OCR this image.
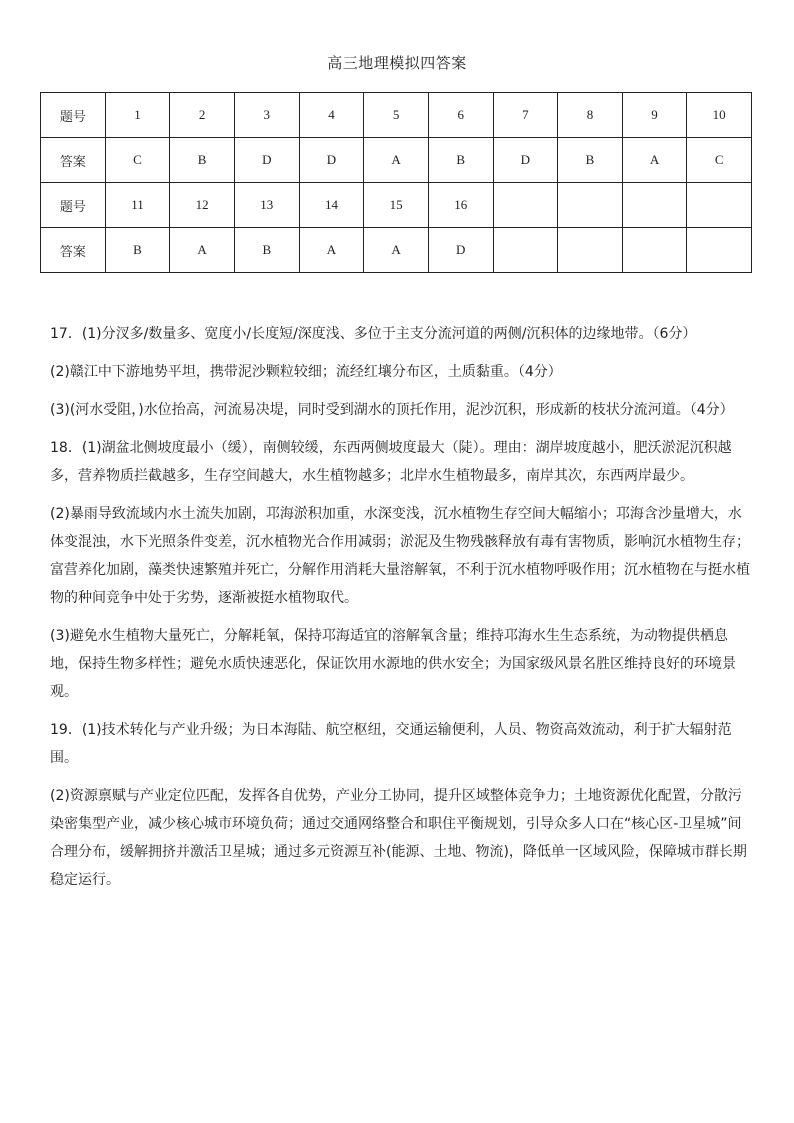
高三地理模拟四答案
题号	1	2	3	4	5	6	7	8	9	10
答案	C	B	D	D	A	B	D	B	A	C
题号	11	12	13	14	15	16				
答案	B	A	B	A	A	D				

17．(1)分汊多/数量多、宽度小/长度短/深度浅、多位于主支分流河道的两侧/沉积体的边缘地带。（6分）

(2)赣江中下游地势平坦，携带泥沙颗粒较细；流经红壤分布区，土质黏重。（4分）

(3)(河水受阻，)水位抬高，河流易决堤，同时受到湖水的顶托作用，泥沙沉积，形成新的枝状分流河道。（4分）

18．(1)湖盆北侧坡度最小（缓），南侧较缓，东西两侧坡度最大（陡）。理由：湖岸坡度越小，肥沃淤泥沉积越多，营养物质拦截越多，生存空间越大，水生植物越多；北岸水生植物最多，南岸其次，东西两岸最少。

(2)暴雨导致流域内水土流失加剧，邛海淤积加重，水深变浅，沉水植物生存空间大幅缩小；邛海含沙量增大，水体变混浊，水下光照条件变差，沉水植物光合作用减弱；淤泥及生物残骸释放有毒有害物质，影响沉水植物生存；富营养化加剧，藻类快速繁殖并死亡，分解作用消耗大量溶解氧，不利于沉水植物呼吸作用；沉水植物在与挺水植物的种间竞争中处于劣势，逐渐被挺水植物取代。

(3)避免水生植物大量死亡，分解耗氧，保持邛海适宜的溶解氧含量；维持邛海水生生态系统，为动物提供栖息地，保持生物多样性；避免水质快速恶化，保证饮用水源地的供水安全；为国家级风景名胜区维持良好的环境景观。

19．(1)技术转化与产业升级；为日本海陆、航空枢纽，交通运输便利，人员、物资高效流动，利于扩大辐射范围。

(2)资源禀赋与产业定位匹配，发挥各自优势，产业分工协同，提升区域整体竞争力；土地资源优化配置，分散污染密集型产业，减少核心城市环境负荷；通过交通网络整合和职住平衡规划，引导众多人口在“核心区-卫星城”间合理分布，缓解拥挤并激活卫星城；通过多元资源互补(能源、土地、物流)，降低单一区域风险，保障城市群长期稳定运行。
